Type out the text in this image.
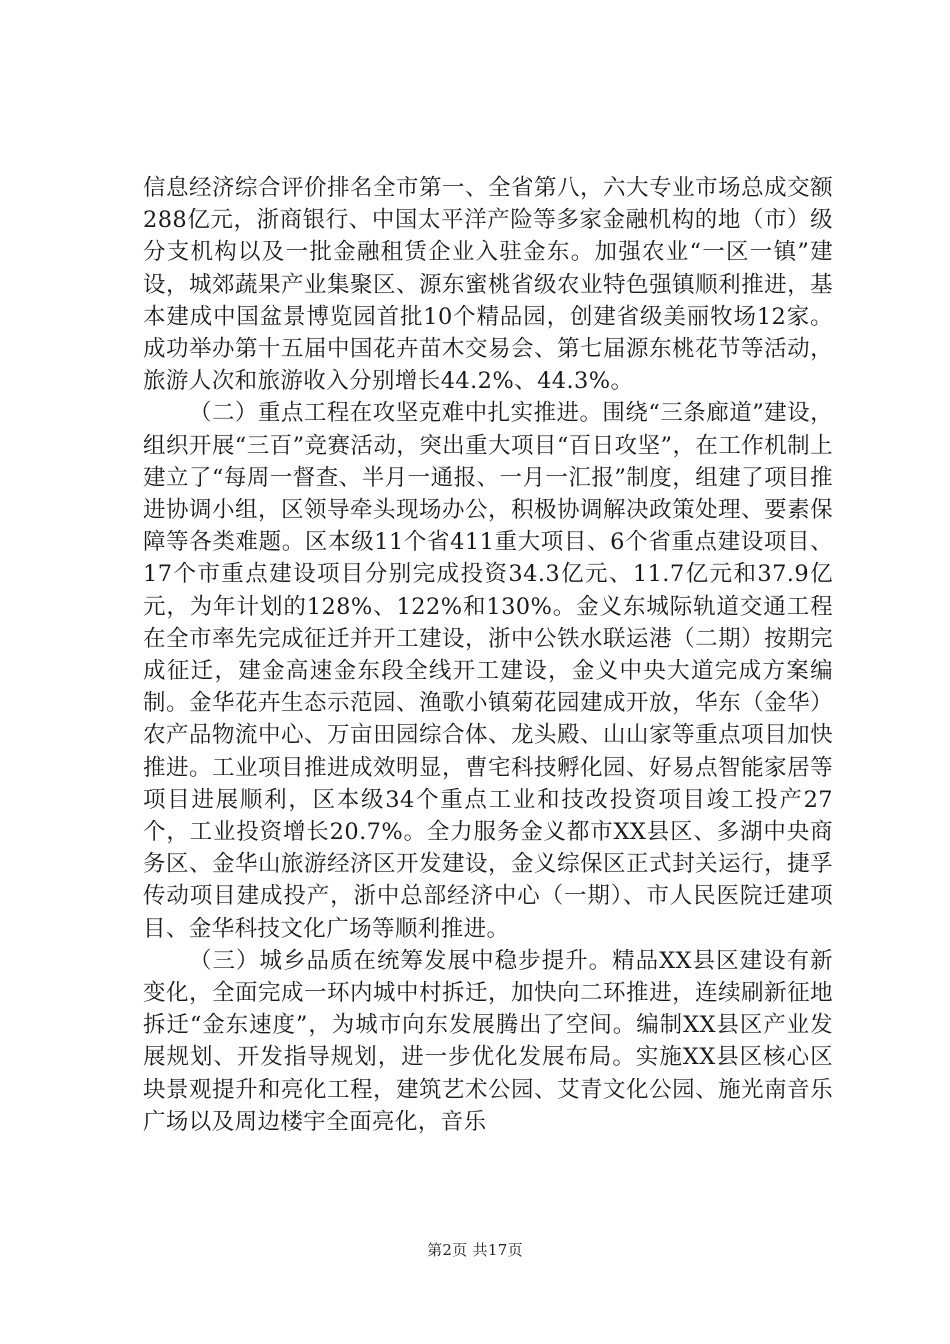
信息经济综合评价排名全市第一、全省第八，六大专业市场总成交额288亿元，浙商银行、中国太平洋产险等多家金融机构的地（市）级分支机构以及一批金融租赁企业入驻金东。加强农业“一区一镇”建设，城郊蔬果产业集聚区、源东蜜桃省级农业特色强镇顺利推进，基本建成中国盆景博览园首批10个精品园，创建省级美丽牧场12家。成功举办第十五届中国花卉苗木交易会、第七届源东桃花节等活动，旅游人次和旅游收入分别增长44.2%、44.3%。

（二）重点工程在攻坚克难中扎实推进。围绕“三条廊道”建设，组织开展“三百”竞赛活动，突出重大项目“百日攻坚”，在工作机制上建立了“每周一督查、半月一通报、一月一汇报”制度，组建了项目推进协调小组，区领导牵头现场办公，积极协调解决政策处理、要素保障等各类难题。区本级11个省411重大项目、6个省重点建设项目、17个市重点建设项目分别完成投资34.3亿元、11.7亿元和37.9亿元，为年计划的128%、122%和130%。金义东城际轨道交通工程在全市率先完成征迁并开工建设，浙中公铁水联运港（二期）按期完成征迁，建金高速金东段全线开工建设，金义中央大道完成方案编制。金华花卉生态示范园、渔歌小镇菊花园建成开放，华东（金华）农产品物流中心、万亩田园综合体、龙头殿、山山家等重点项目加快推进。工业项目推进成效明显，曹宅科技孵化园、好易点智能家居等项目进展顺利，区本级34个重点工业和技改投资项目竣工投产27个，工业投资增长20.7%。全力服务金义都市XX县区、多湖中央商务区、金华山旅游经济区开发建设，金义综保区正式封关运行，捷孚传动项目建成投产，浙中总部经济中心（一期）、市人民医院迁建项目、金华科技文化广场等顺利推进。

（三）城乡品质在统筹发展中稳步提升。精品XX县区建设有新变化，全面完成一环内城中村拆迁，加快向二环推进，连续刷新征地拆迁“金东速度”，为城市向东发展腾出了空间。编制XX县区产业发展规划、开发指导规划，进一步优化发展布局。实施XX县区核心区块景观提升和亮化工程，建筑艺术公园、艾青文化公园、施光南音乐广场以及周边楼宇全面亮化，音乐

第2页 共17页
